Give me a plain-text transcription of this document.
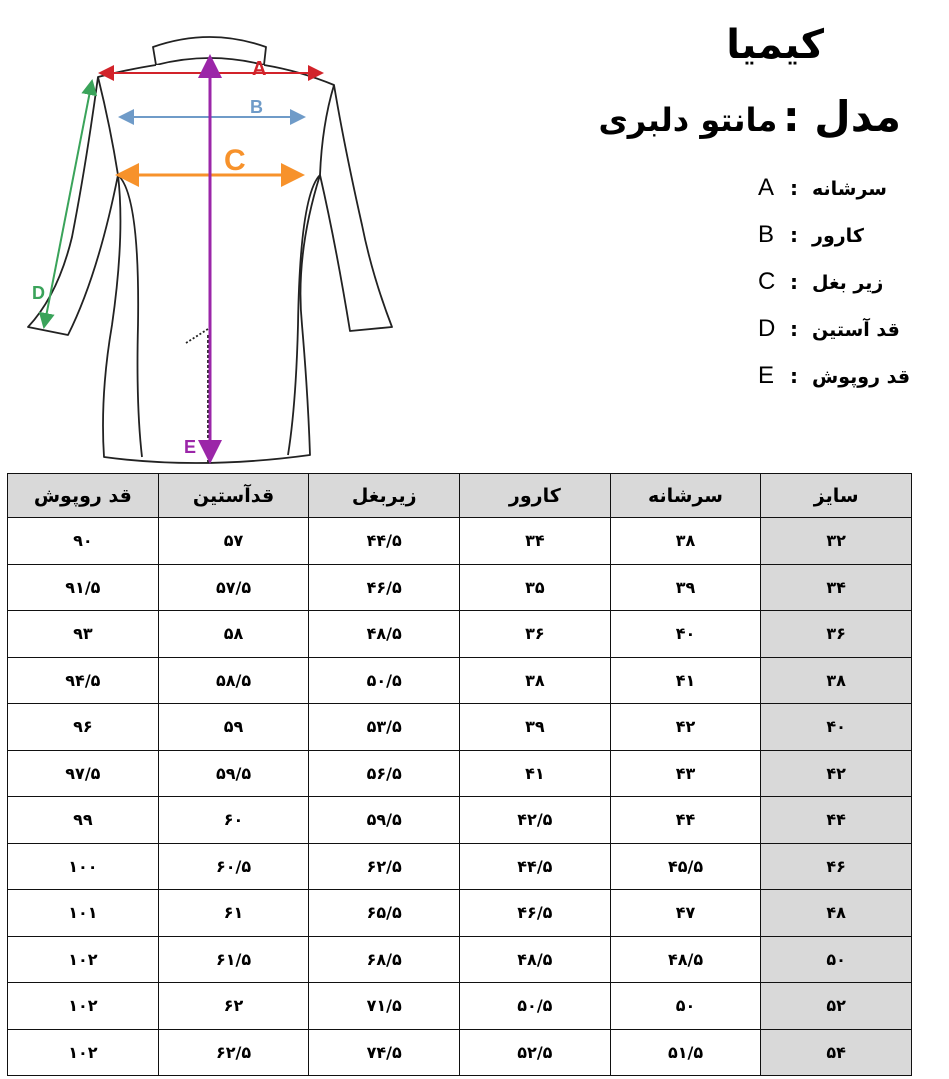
A
B
C
D
E
کیمیا
مدل : مانتو دلبری
A : سرشانه
B : کارور
C : زیر بغل
D : قد آستین
E : قد روپوش
سایز	سرشانه	کارور	زیربغل	قدآستین	قد روپوش
۳۲	۳۸	۳۴	۴۴/۵	۵۷	۹۰
۳۴	۳۹	۳۵	۴۶/۵	۵۷/۵	۹۱/۵
۳۶	۴۰	۳۶	۴۸/۵	۵۸	۹۳
۳۸	۴۱	۳۸	۵۰/۵	۵۸/۵	۹۴/۵
۴۰	۴۲	۳۹	۵۳/۵	۵۹	۹۶
۴۲	۴۳	۴۱	۵۶/۵	۵۹/۵	۹۷/۵
۴۴	۴۴	۴۲/۵	۵۹/۵	۶۰	۹۹
۴۶	۴۵/۵	۴۴/۵	۶۲/۵	۶۰/۵	۱۰۰
۴۸	۴۷	۴۶/۵	۶۵/۵	۶۱	۱۰۱
۵۰	۴۸/۵	۴۸/۵	۶۸/۵	۶۱/۵	۱۰۲
۵۲	۵۰	۵۰/۵	۷۱/۵	۶۲	۱۰۲
۵۴	۵۱/۵	۵۲/۵	۷۴/۵	۶۲/۵	۱۰۲
